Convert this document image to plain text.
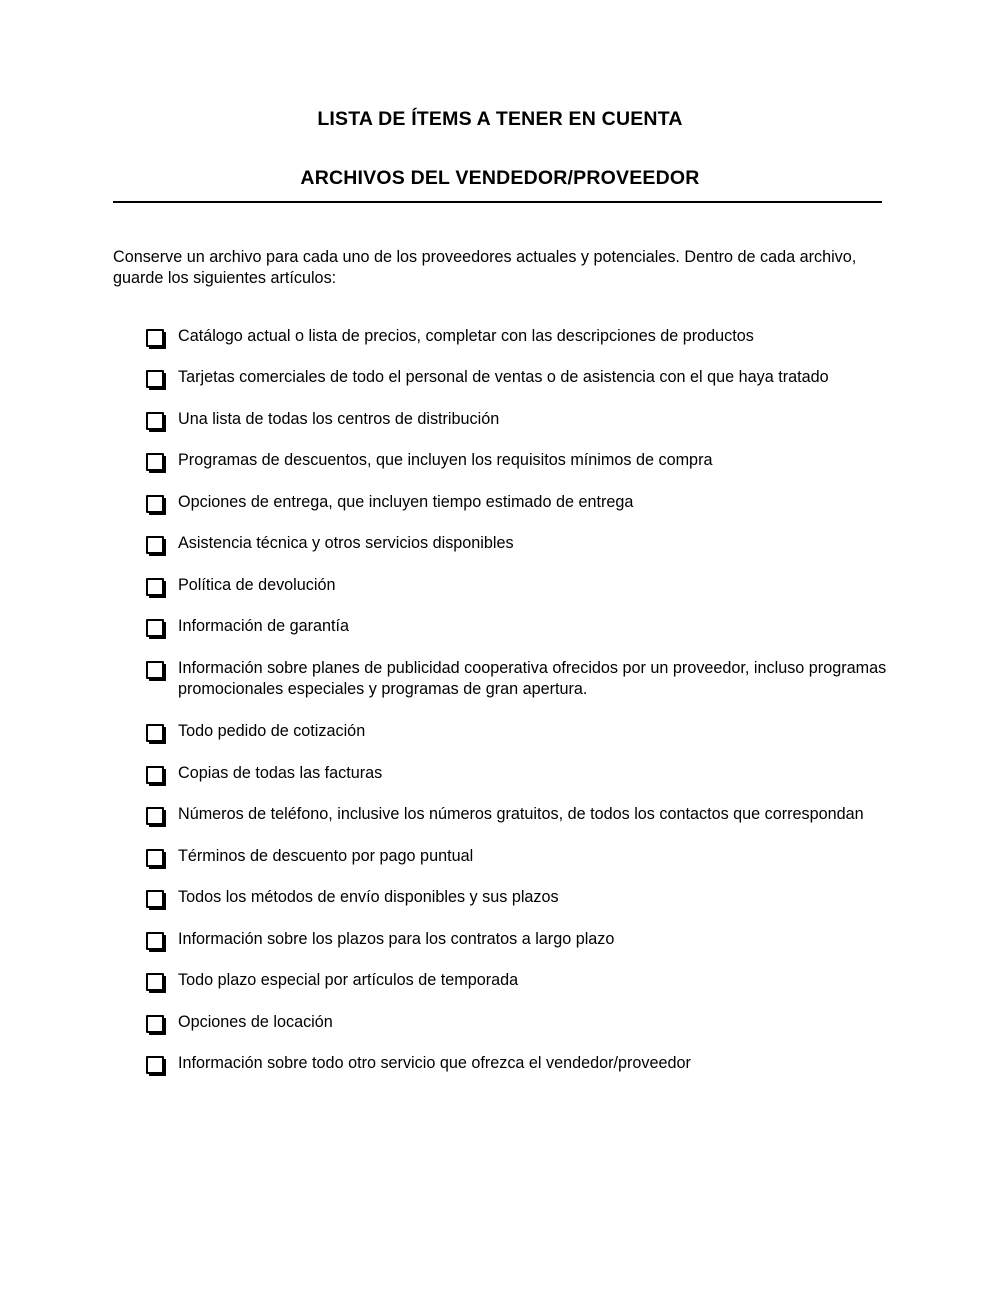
LISTA DE ÍTEMS A TENER EN CUENTA
ARCHIVOS DEL VENDEDOR/PROVEEDOR

Conserve un archivo para cada uno de los proveedores actuales y potenciales. Dentro de cada archivo, guarde los siguientes artículos:

Catálogo actual o lista de precios, completar con las descripciones de productos
Tarjetas comerciales de todo el personal de ventas o de asistencia con el que haya tratado
Una lista de todas los centros de distribución
Programas de descuentos, que incluyen los requisitos mínimos de compra
Opciones de entrega, que incluyen tiempo estimado de entrega
Asistencia técnica y otros servicios disponibles
Política de devolución
Información de garantía
Información sobre planes de publicidad cooperativa ofrecidos por un proveedor, incluso programas promocionales especiales y programas de gran apertura.
Todo pedido de cotización
Copias de todas las facturas
Números de teléfono, inclusive los números gratuitos, de todos los contactos que correspondan
Términos de descuento por pago puntual
Todos los métodos de envío disponibles y sus plazos
Información sobre los plazos para los contratos a largo plazo
Todo plazo especial por artículos de temporada
Opciones de locación
Información sobre todo otro servicio que ofrezca el vendedor/proveedor
